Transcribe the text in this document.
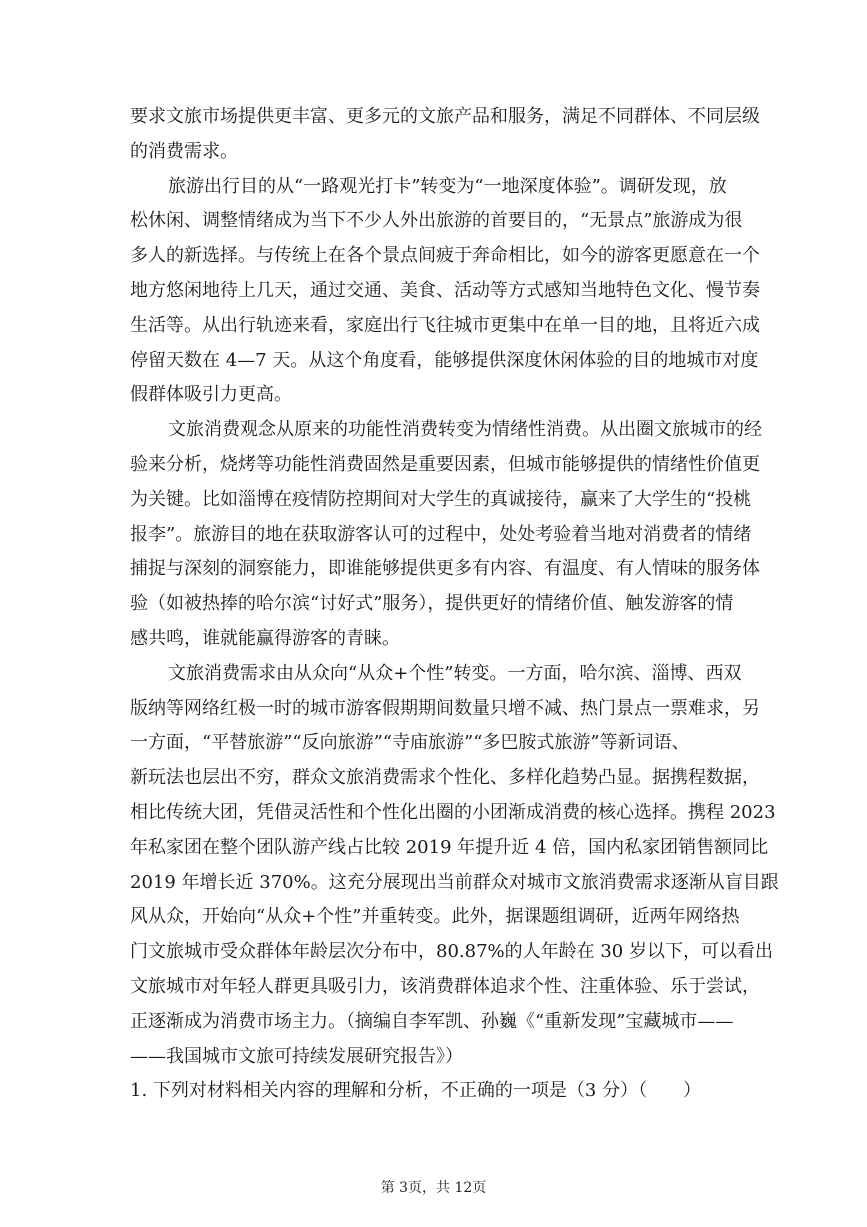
要求文旅市场提供更丰富、更多元的文旅产品和服务，满足不同群体、不同层级
的消费需求。
旅游出行目的从“一路观光打卡”转变为“一地深度体验”。调研发现，放
松休闲、调整情绪成为当下不少人外出旅游的首要目的，“无景点”旅游成为很
多人的新选择。与传统上在各个景点间疲于奔命相比，如今的游客更愿意在一个
地方悠闲地待上几天，通过交通、美食、活动等方式感知当地特色文化、慢节奏
生活等。从出行轨迹来看，家庭出行飞往城市更集中在单一目的地，且将近六成
停留天数在 4—7 天。从这个角度看，能够提供深度休闲体验的目的地城市对度
假群体吸引力更高。
文旅消费观念从原来的功能性消费转变为情绪性消费。从出圈文旅城市的经
验来分析，烧烤等功能性消费固然是重要因素，但城市能够提供的情绪性价值更
为关键。比如淄博在疫情防控期间对大学生的真诚接待，赢来了大学生的“投桃
报李”。旅游目的地在获取游客认可的过程中，处处考验着当地对消费者的情绪
捕捉与深刻的洞察能力，即谁能够提供更多有内容、有温度、有人情味的服务体
验（如被热捧的哈尔滨“讨好式”服务），提供更好的情绪价值、触发游客的情
感共鸣，谁就能赢得游客的青睐。
文旅消费需求由从众向“从众+个性”转变。一方面，哈尔滨、淄博、西双
版纳等网络红极一时的城市游客假期期间数量只增不减、热门景点一票难求，另
一方面，“平替旅游”“反向旅游”“寺庙旅游”“多巴胺式旅游”等新词语、
新玩法也层出不穷，群众文旅消费需求个性化、多样化趋势凸显。据携程数据，
相比传统大团，凭借灵活性和个性化出圈的小团渐成消费的核心选择。携程 2023
年私家团在整个团队游产线占比较 2019 年提升近 4 倍，国内私家团销售额同比
2019 年增长近 370%。这充分展现出当前群众对城市文旅消费需求逐渐从盲目跟
风从众，开始向“从众+个性”并重转变。此外，据课题组调研，近两年网络热
门文旅城市受众群体年龄层次分布中，80.87%的人年龄在 30 岁以下，可以看出
文旅城市对年轻人群更具吸引力，该消费群体追求个性、注重体验、乐于尝试，
正逐渐成为消费市场主力。（摘编自李军凯、孙巍《“重新发现”宝藏城市——
——我国城市文旅可持续发展研究报告》）
1. 下列对材料相关内容的理解和分析，不正确的一项是（3 分）（　　）
第 3页，共 12页
